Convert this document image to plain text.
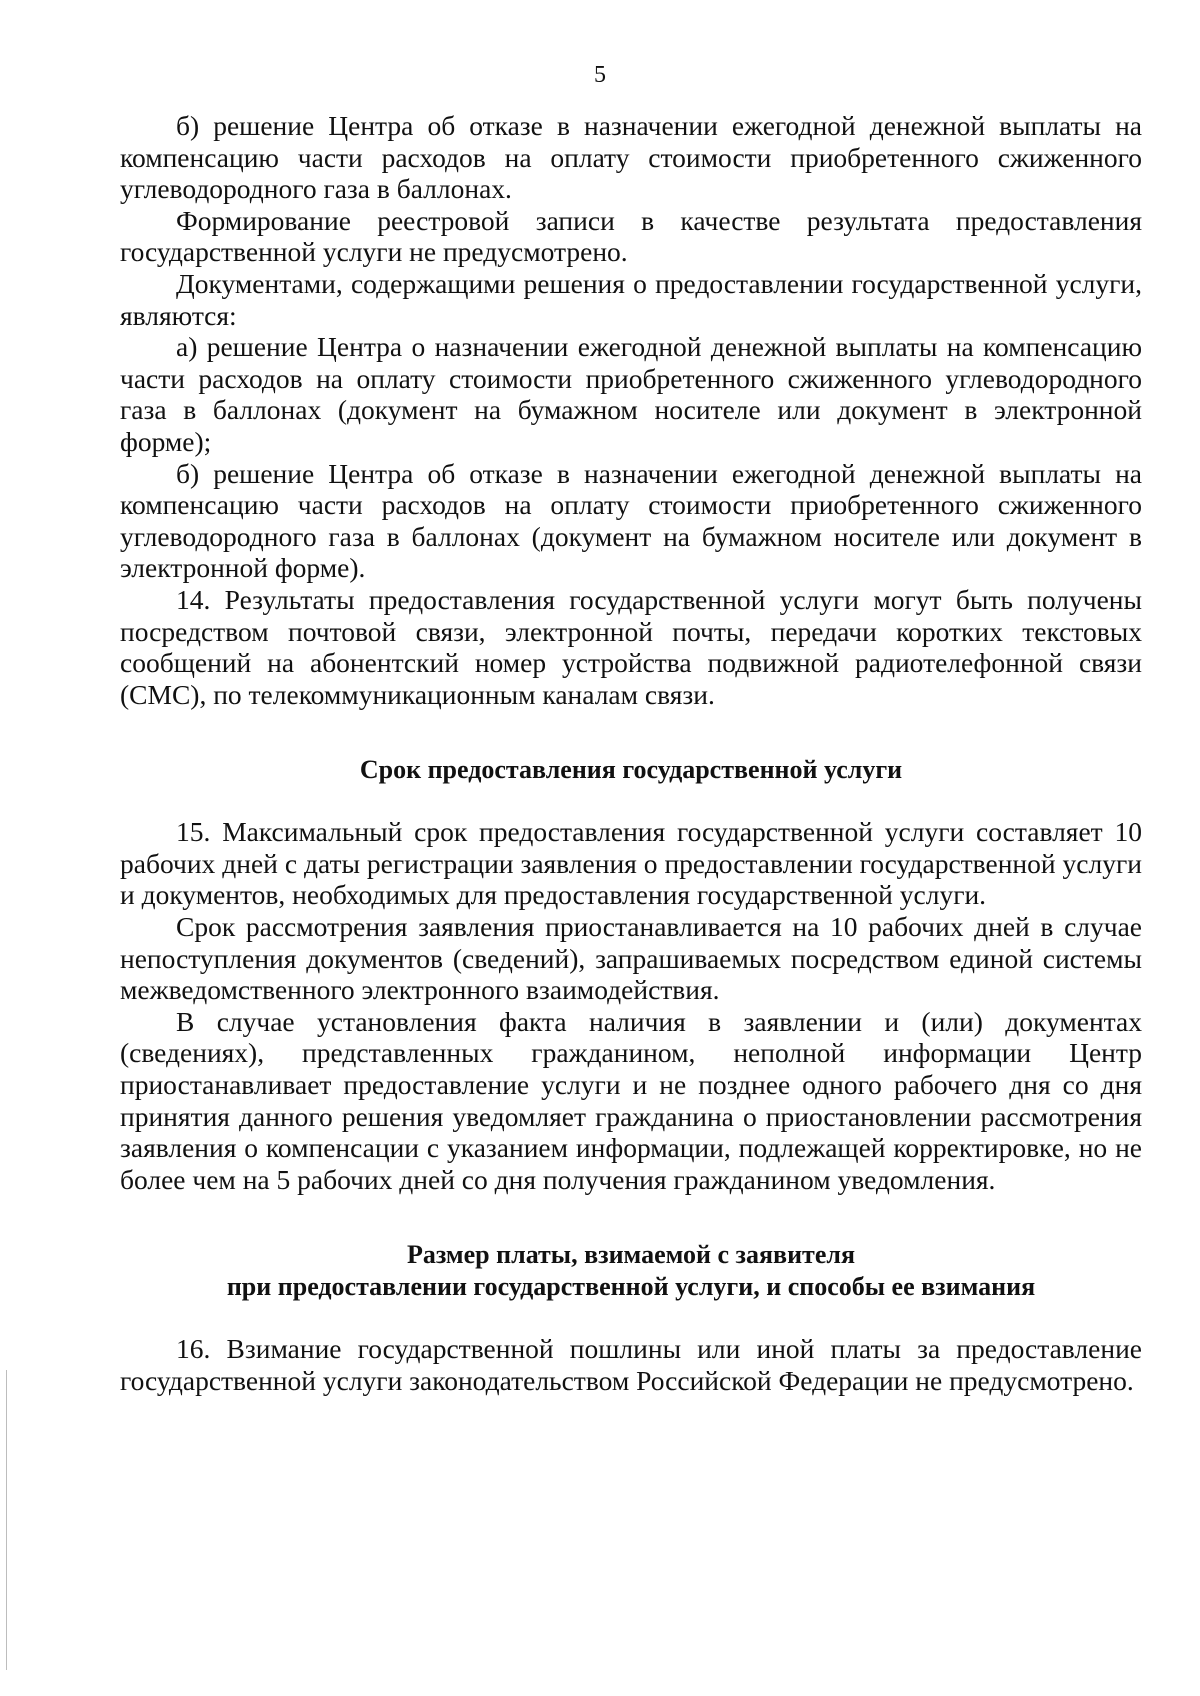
5

б) решение Центра об отказе в назначении ежегодной денежной выплаты на компенсацию части расходов на оплату стоимости приобретенного сжиженного углеводородного газа в баллонах.

Формирование реестровой записи в качестве результата предоставления государственной услуги не предусмотрено.

Документами, содержащими решения о предоставлении государственной услуги, являются:

а) решение Центра о назначении ежегодной денежной выплаты на компенсацию части расходов на оплату стоимости приобретенного сжиженного углеводородного газа в баллонах (документ на бумажном носителе или документ в электронной форме);

б) решение Центра об отказе в назначении ежегодной денежной выплаты на компенсацию части расходов на оплату стоимости приобретенного сжиженного углеводородного газа в баллонах (документ на бумажном носителе или документ в электронной форме).

14. Результаты предоставления государственной услуги могут быть получены посредством почтовой связи, электронной почты, передачи коротких текстовых сообщений на абонентский номер устройства подвижной радиотелефонной связи (СМС), по телекоммуникационным каналам связи.

Срок предоставления государственной услуги

15. Максимальный срок предоставления государственной услуги составляет 10 рабочих дней с даты регистрации заявления о предоставлении государственной услуги и документов, необходимых для предоставления государственной услуги.

Срок рассмотрения заявления приостанавливается на 10 рабочих дней в случае непоступления документов (сведений), запрашиваемых посредством единой системы межведомственного электронного взаимодействия.

В случае установления факта наличия в заявлении и (или) документах (сведениях), представленных гражданином, неполной информации Центр приостанавливает предоставление услуги и не позднее одного рабочего дня со дня принятия данного решения уведомляет гражданина о приостановлении рассмотрения заявления о компенсации с указанием информации, подлежащей корректировке, но не более чем на 5 рабочих дней со дня получения гражданином уведомления.

Размер платы, взимаемой с заявителя
при предоставлении государственной услуги, и способы ее взимания

16. Взимание государственной пошлины или иной платы за предоставление государственной услуги законодательством Российской Федерации не предусмотрено.
